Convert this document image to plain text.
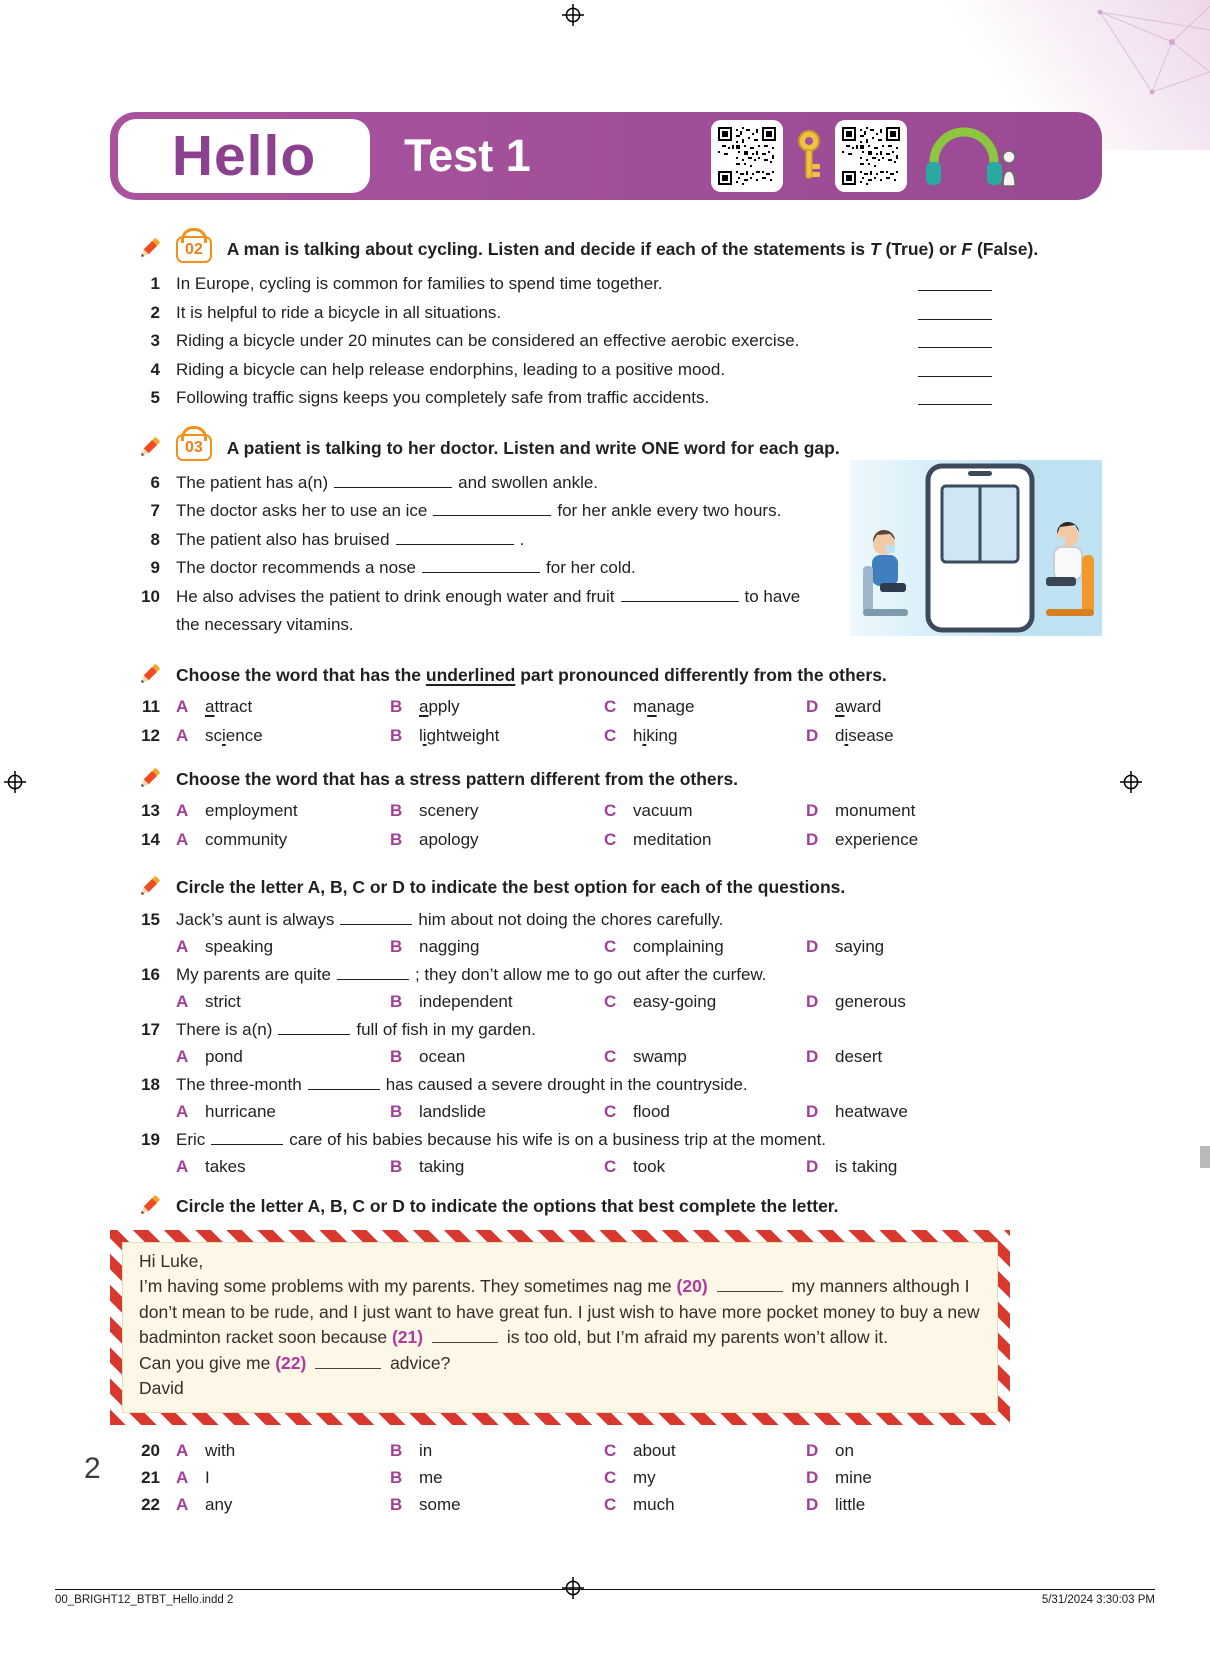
Hello Test 1
02	A man is talking about cycling. Listen and decide if each of the statements is T (True) or F (False).
1 In Europe, cycling is common for families to spend time together.
2 It is helpful to ride a bicycle in all situations.
3 Riding a bicycle under 20 minutes can be considered an effective aerobic exercise.
4 Riding a bicycle can help release endorphins, leading to a positive mood.
5 Following traffic signs keeps you completely safe from traffic accidents.
03	A patient is talking to her doctor. Listen and write ONE word for each gap.
6 The patient has a(n)	and swollen ankle.
7 The doctor asks her to use an ice	for her ankle every two hours.
8 The patient also has bruised	.
9 The doctor recommends a nose	for her cold.
10 He also advises the patient to drink enough water and fruit	to have
the necessary vitamins.
Choose the word that has the underlined part pronounced differently from the others.
11 A attract	B apply	C manage	D award
12 A science	B lightweight	C hiking	D disease
Choose the word that has a stress pattern different from the others.
13 A employment	B scenery	C vacuum	D monument
14 A community	B apology	C meditation	D experience
Circle the letter A, B, C or D to indicate the best option for each of the questions.
15 Jack’s aunt is always	him about not doing the chores carefully.
A speaking	B nagging	C complaining	D saying
16 My parents are quite	; they don’t allow me to go out after the curfew.
A strict	B independent	C easy-going	D generous
17 There is a(n)	full of fish in my garden.
A pond	B ocean	C swamp	D desert
18 The three-month	has caused a severe drought in the countryside.
A hurricane	B landslide	C flood	D heatwave
19 Eric	care of his babies because his wife is on a business trip at the moment.
A takes	B taking	C took	D is taking
Circle the letter A, B, C or D to indicate the options that best complete the letter.
Hi Luke,
I’m having some problems with my parents. They sometimes nag me (20)	my manners although I don’t mean to be rude, and I just want to have great fun. I just wish to have more pocket money to buy a new badminton racket soon because (21)	is too old, but I’m afraid my parents won’t allow it.
Can you give me (22)	advice?
David
20 A with	B in	C about	D on
21 A I	B me	C my	D mine
22 A any	B some	C much	D little
2
00_BRIGHT12_BTBT_Hello.indd 2	5/31/2024 3:30:03 PM
